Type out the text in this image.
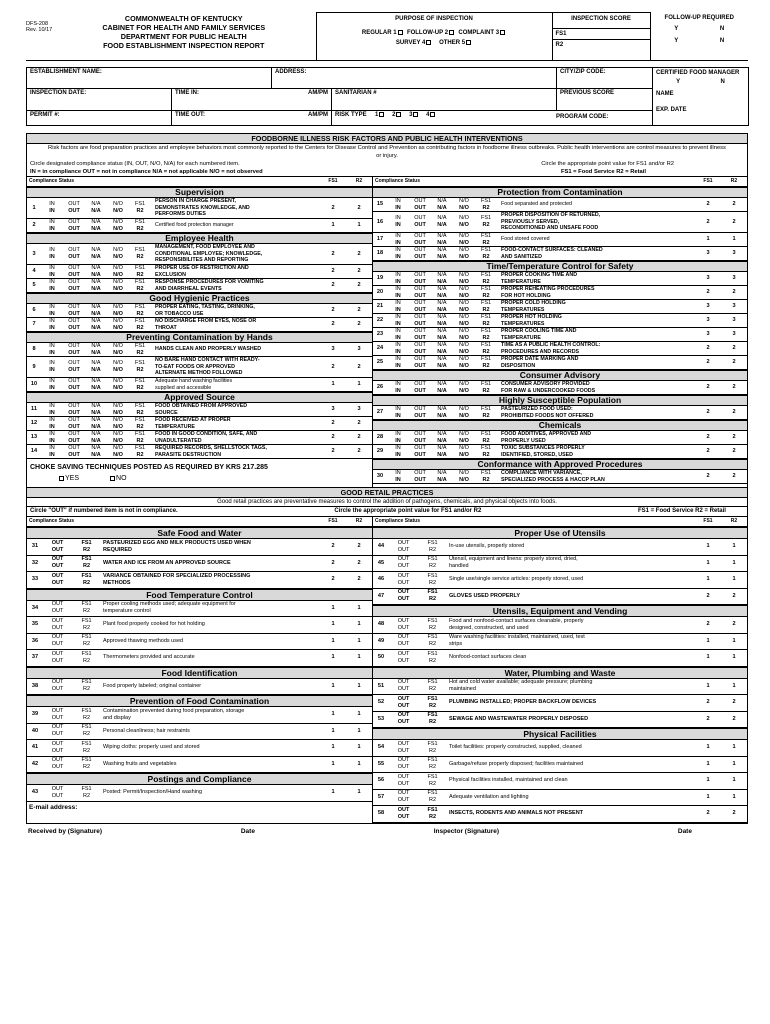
DFS-208
Rev. 10/17
COMMONWEALTH OF KENTUCKY
CABINET FOR HEALTH AND FAMILY SERVICES
DEPARTMENT FOR PUBLIC HEALTH
FOOD ESTABLISHMENT INSPECTION REPORT

PURPOSE OF INSPECTION
REGULAR 1 FOLLOW-UP 2 COMPLAINT 3
SURVEY 4 OTHER 5

INSPECTION SCORE
FS1
R2

FOLLOW-UP REQUIRED
Y	N
Y	N
ESTABLISHMENT NAME:		ADDRESS:		CITY/ZIP CODE:	CERTIFIED FOOD MANAGER
Y N
NAME
EXP. DATE

INSPECTION DATE:	TIME IN: AM/PM		SANITARIAN #	PREVIOUS SCORE	
PERMIT #:	TIME OUT: AM/PM		RISK TYPE 1 2 3 4			PROGRAM CODE:
FOODBORNE ILLNESS RISK FACTORS AND PUBLIC HEALTH INTERVENTIONS
Risk factors are food preparation practices and employee behaviors most commonly reported to the Centers for Disease Control and Prevention as contributing factors in foodborne illness outbreaks. Public health interventions are control measures to prevent illness or injury.
Circle designated compliance status (IN, OUT, N/O, N/A) for each numbered item.	Circle the appropriate point value for FS1 and/or R2
IN = in compliance OUT = not in compliance N/A = not applicable N/O = not observed	FS1 = Food Service R2 = Retail
Compliance Status	FS1	R2
Supervision
1
IN	OUT	N/A	N/O	FS1
IN	OUT	N/A	N/O	R2
PERSON IN CHARGE PRESENT,
DEMONSTRATES KNOWLEDGE, AND
PERFORMS DUTIES
2	2
2
IN	OUT	N/A	N/O	FS1
IN	OUT	N/A	N/O	R2
Certified food protection manager	1	1
Employee Health
3
IN	OUT	N/A	N/O	FS1
IN	OUT	N/A	N/O	R2
MANAGEMENT, FOOD EMPLOYEE AND
CONDITIONAL EMPLOYEE; KNOWLEDGE,
RESPONSIBILITES AND REPORTING
2	2
4
IN	OUT	N/A	N/O	FS1
IN	OUT	N/A	N/O	R2
PROPER USE OF RESTRICTION AND
EXCLUSION
2	2
5
IN	OUT	N/A	N/O	FS1
IN	OUT	N/A	N/O	R2
RESPONSE PROCEDURES FOR VOMITING
AND DIARRHEAL EVENTS
2	2
Good Hygienic Practices
6
IN	OUT	N/A	N/O	FS1
IN	OUT	N/A	N/O	R2
PROPER EATING, TASTING, DRINKING,
OR TOBACCO USE
2	2
7
IN	OUT	N/A	N/O	FS1
IN	OUT	N/A	N/O	R2
NO DISCHARGE FROM EYES, NOSE OR
THROAT
2	2
Preventing Contamination by Hands
8
IN	OUT	N/A	N/O	FS1
IN	OUT	N/A	N/O	R2
HANDS CLEAN AND PROPERLY WASHED	3	3
9
IN	OUT	N/A	N/O	FS1
IN	OUT	N/A	N/O	R2
NO BARE HAND CONTACT WITH READY-
TO-EAT FOODS OR APPROVED
ALTERNATE METHOD FOLLOWED
2	2
10
IN	OUT	N/A	N/O	FS1
IN	OUT	N/A	N/O	R2
Adequate hand washing facilities
supplied and accessible
1	1
Approved Source
11
IN	OUT	N/A	N/O	FS1
IN	OUT	N/A	N/O	R2
FOOD OBTAINED FROM APPROVED
SOURCE
3	3
12
IN	OUT	N/A	N/O	FS1
IN	OUT	N/A	N/O	R2
FOOD RECEIVED AT PROPER
TEMPERATURE
2	2
13
IN	OUT	N/A	N/O	FS1
IN	OUT	N/A	N/O	R2
FOOD IN GOOD CONDITION, SAFE, AND
UNADULTERATED
2	2
14
IN	OUT	N/A	N/O	FS1
IN	OUT	N/A	N/O	R2
REQUIRED RECORDS, SHELLSTOCK TAGS,
PARASITE DESTRUCTION
2	2
CHOKE SAVING TECHNIQUES POSTED AS REQUIRED BY KRS 217.285
YES	NO
Compliance Status	FS1	R2
Protection from Contamination
15
IN	OUT	N/A	N/O	FS1
IN	OUT	N/A	N/O	R2
Food separated and protected	2	2
16
IN	OUT	N/A	N/O	FS1
IN	OUT	N/A	N/O	R2
PROPER DISPOSITION OF RETURNED,
PREVIOUSLY SERVED,
RECONDITIONED AND UNSAFE FOOD
2	2
17
IN	OUT	N/A	N/O	FS1
IN	OUT	N/A	N/O	R2
Food stored covered	1	1
18
IN	OUT	N/A	N/O	FS1
IN	OUT	N/A	N/O	R2
FOOD-CONTACT SURFACES: CLEANED
AND SANITIZED
3	3
Time/Temperature Control for Safety
19
IN	OUT	N/A	N/O	FS1
IN	OUT	N/A	N/O	R2
PROPER COOKING TIME AND
TEMPERATURE
3	3
20
IN	OUT	N/A	N/O	FS1
IN	OUT	N/A	N/O	R2
PROPER REHEATING PROCEDURES
FOR HOT HOLDING
2	2
21
IN	OUT	N/A	N/O	FS1
IN	OUT	N/A	N/O	R2
PROPER COLD HOLDING
TEMPERATURES
3	3
22
IN	OUT	N/A	N/O	FS1
IN	OUT	N/A	N/O	R2
PROPER HOT HOLDING
TEMPERATURES
3	3
23
IN	OUT	N/A	N/O	FS1
IN	OUT	N/A	N/O	R2
PROPER COOLING TIME AND
TEMPERATURE
3	3
24
IN	OUT	N/A	N/O	FS1
IN	OUT	N/A	N/O	R2
TIME AS A PUBLIC HEALTH CONTROL:
PROCEDURES AND RECORDS
2	2
25
IN	OUT	N/A	N/O	FS1
IN	OUT	N/A	N/O	R2
PROPER DATE MARKING AND
DISPOSITION
2	2
Consumer Advisory
26
IN	OUT	N/A	N/O	FS1
IN	OUT	N/A	N/O	R2
CONSUMER ADVISORY PROVIDED
FOR RAW & UNDERCOOKED FOODS
2	2
Highly Susceptible Population
27
IN	OUT	N/A	N/O	FS1
IN	OUT	N/A	N/O	R2
PASTEURIZED FOOD USED:
PROHIBITED FOODS NOT OFFERED
2	2
Chemicals
28
IN	OUT	N/A	N/O	FS1
IN	OUT	N/A	N/O	R2
FOOD ADDITIVES, APPROVED AND
PROPERLY USED
2	2
29
IN	OUT	N/A	N/O	FS1
IN	OUT	N/A	N/O	R2
TOXIC SUBSTANCES PROPERLY
IDENTIFIED, STORED, USED
2	2
Conformance with Approved Procedures
30
IN	OUT	N/A	N/O	FS1
IN	OUT	N/A	N/O	R2
COMPLIANCE WITH VARIANCE,
SPECIALIZED PROCESS & HACCP PLAN
2	2
GOOD RETAIL PRACTICES
Good retail practices are preventative measures to control the addition of pathogens, chemicals, and physical objects into foods.
Circle "OUT" if numbered item is not in compliance.	Circle the appropriate point value for FS1 and/or R2	FS1 = Food Service R2 = Retail
Compliance Status	FS1	R2
Safe Food and Water
31
OUT	FS1
OUT	R2
PASTEURIZED EGG AND MILK PRODUCTS USED WHEN
REQUIRED
2	2
32
OUT	FS1
OUT	R2
WATER AND ICE FROM AN APPROVED SOURCE	2	2
33
OUT	FS1
OUT	R2
VARIANCE OBTAINED FOR SPECIALIZED PROCESSING
METHODS
2	2
Food Temperature Control
34
OUT	FS1
OUT	R2
Proper cooling methods used; adequate equipment for
temperature control
1	1
35
OUT	FS1
OUT	R2
Plant food properly cooked for hot holding	1	1
36
OUT	FS1
OUT	R2
Approved thawing methods used	1	1
37
OUT	FS1
OUT	R2
Thermometers provided and accurate	1	1
Food Identification
38
OUT	FS1
OUT	R2
Food properly labeled; original container	1	1
Prevention of Food Contamination
39
OUT	FS1
OUT	R2
Contamination prevented during food preparation, storage
and display
1	1
40
OUT	FS1
OUT	R2
Personal cleanliness; hair restraints	1	1
41
OUT	FS1
OUT	R2
Wiping cloths: properly used and stored	1	1
42
OUT	FS1
OUT	R2
Washing fruits and vegetables	1	1
Postings and Compliance
43
OUT	FS1
OUT	R2
Posted: Permit/Inspection/Hand washing	1	1
E-mail address:
Compliance Status	FS1	R2
Proper Use of Utensils
44
OUT	FS1
OUT	R2
In-use utensils, properly stored	1	1
45
OUT	FS1
OUT	R2
Utensil, equipment and linens: properly stored, dried,
handled
1	1
46
OUT	FS1
OUT	R2
Single use/single service articles: properly stored, used	1	1
47
OUT	FS1
OUT	R2
GLOVES USED PROPERLY	2	2
Utensils, Equipment and Vending
48
OUT	FS1
OUT	R2
Food and nonfood-contact surfaces cleanable, properly
designed, constructed, and used
2	2
49
OUT	FS1
OUT	R2
Ware washing facilities: installed, maintained, used, test
strips
1	1
50
OUT	FS1
OUT	R2
Nonfood-contact surfaces clean	1	1
Water, Plumbing and Waste
51
OUT	FS1
OUT	R2
Hot and cold water available; adequate pressure; plumbing
maintained
1	1
52
OUT	FS1
OUT	R2
PLUMBING INSTALLED; PROPER BACKFLOW DEVICES	2	2
53
OUT	FS1
OUT	R2
SEWAGE AND WASTEWATER PROPERLY DISPOSED	2	2
Physical Facilities
54
OUT	FS1
OUT	R2
Toilet facilities: properly constructed, supplied, cleaned	1	1
55
OUT	FS1
OUT	R2
Garbage/refuse properly disposed; facilities maintained	1	1
56
OUT	FS1
OUT	R2
Physical facilities installed, maintained and clean	1	1
57
OUT	FS1
OUT	R2
Adequate ventilation and lighting	1	1
58
OUT	FS1
OUT	R2
INSECTS, RODENTS AND ANIMALS NOT PRESENT	2	2
Received by (Signature)	Date	Inspector (Signature)	Date
